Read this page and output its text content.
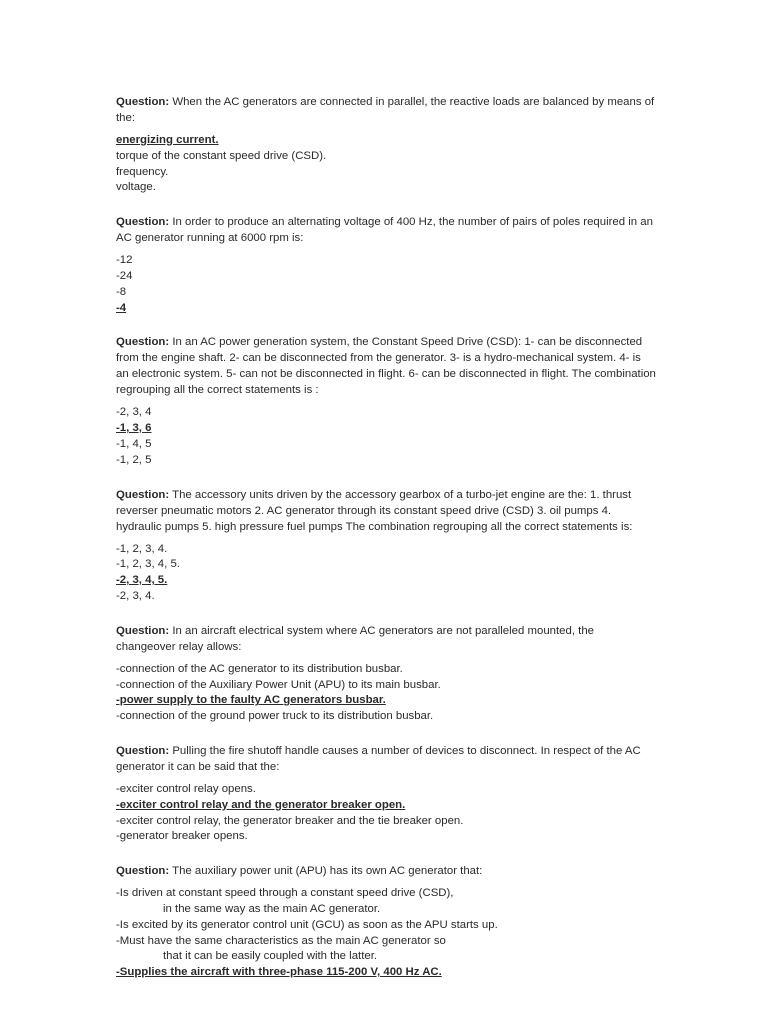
Question: When the AC generators are connected in parallel, the reactive loads are balanced by means of the:
energizing current.
torque of the constant speed drive (CSD).
frequency.
voltage.
Question: In order to produce an alternating voltage of 400 Hz, the number of pairs of poles required in an AC generator running at 6000 rpm is:
-12
-24
-8
-4
Question: In an AC power generation system, the Constant Speed Drive (CSD): 1- can be disconnected from the engine shaft. 2- can be disconnected from the generator. 3- is a hydro-mechanical system. 4- is an electronic system. 5- can not be disconnected in flight. 6- can be disconnected in flight. The combination regrouping all the correct statements is :
-2, 3, 4
-1, 3, 6
-1, 4, 5
-1, 2, 5
Question: The accessory units driven by the accessory gearbox of a turbo-jet engine are the: 1. thrust reverser pneumatic motors 2. AC generator through its constant speed drive (CSD) 3. oil pumps 4. hydraulic pumps 5. high pressure fuel pumps The combination regrouping all the correct statements is:
-1, 2, 3, 4.
-1, 2, 3, 4, 5.
-2, 3, 4, 5.
-2, 3, 4.
Question: In an aircraft electrical system where AC generators are not paralleled mounted, the changeover relay allows:
-connection of the AC generator to its distribution busbar.
-connection of the Auxiliary Power Unit (APU) to its main busbar.
-power supply to the faulty AC generators busbar.
-connection of the ground power truck to its distribution busbar.
Question: Pulling the fire shutoff handle causes a number of devices to disconnect. In respect of the AC generator it can be said that the:
-exciter control relay opens.
-exciter control relay and the generator breaker open.
-exciter control relay, the generator breaker and the tie breaker open.
-generator breaker opens.
Question: The auxiliary power unit (APU) has its own AC generator that:
-Is driven at constant speed through a constant speed drive (CSD),
in the same way as the main AC generator.
-Is excited by its generator control unit (GCU) as soon as the APU starts up.
-Must have the same characteristics as the main AC generator so
that it can be easily coupled with the latter.
-Supplies the aircraft with three-phase 115-200 V, 400 Hz AC.
